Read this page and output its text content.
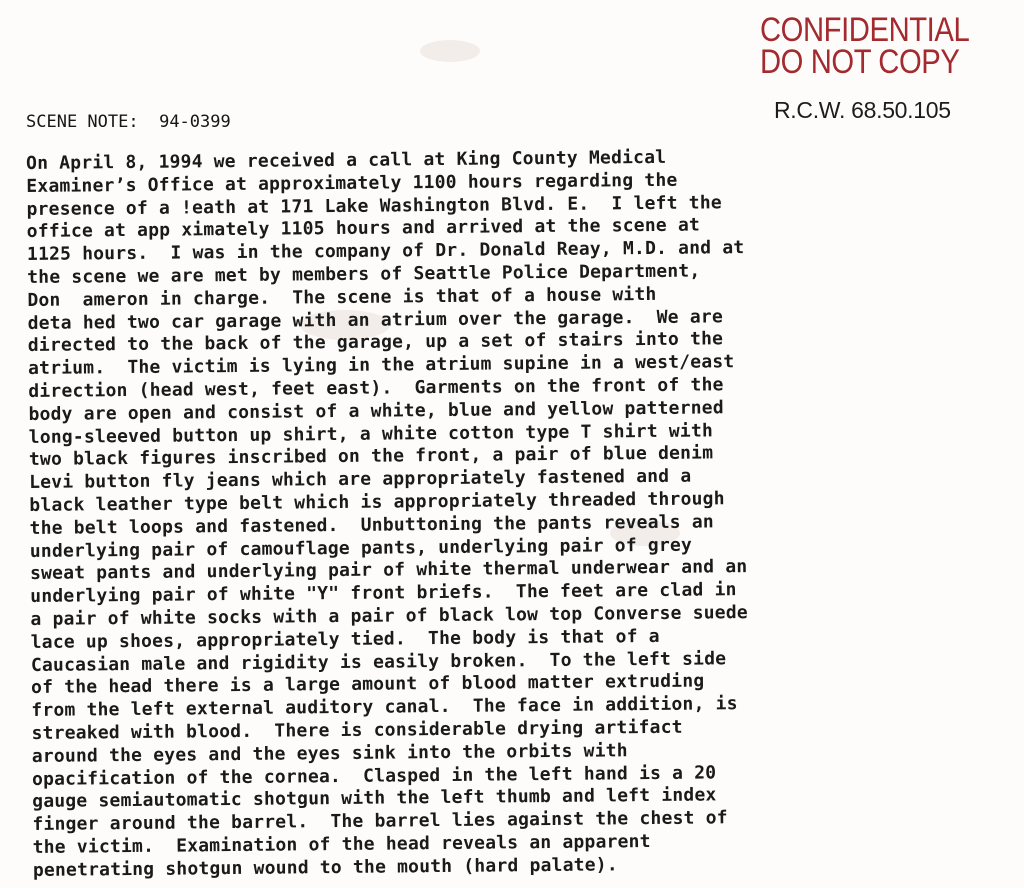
CONFIDENTIAL
DO NOT COPY
R.C.W. 68.50.105
SCENE NOTE: 94-0399
On April 8, 1994 we received a call at King County Medical
Examiner’s Office at approximately 1100 hours regarding the
presence of a !eath at 171 Lake Washington Blvd. E.  I left the
office at app ximately 1105 hours and arrived at the scene at
1125 hours.  I was in the company of Dr. Donald Reay, M.D. and at
the scene we are met by members of Seattle Police Department,
Don  ameron in charge.  The scene is that of a house with
deta hed two car garage with an atrium over the garage.  We are
directed to the back of the garage, up a set of stairs into the
atrium.  The victim is lying in the atrium supine in a west/east
direction (head west, feet east).  Garments on the front of the
body are open and consist of a white, blue and yellow patterned
long-sleeved button up shirt, a white cotton type T shirt with
two black figures inscribed on the front, a pair of blue denim
Levi button fly jeans which are appropriately fastened and a
black leather type belt which is appropriately threaded through
the belt loops and fastened.  Unbuttoning the pants reveals an
underlying pair of camouflage pants, underlying pair of grey
sweat pants and underlying pair of white thermal underwear and an
underlying pair of white "Y" front briefs.  The feet are clad in
a pair of white socks with a pair of black low top Converse suede
lace up shoes, appropriately tied.  The body is that of a
Caucasian male and rigidity is easily broken.  To the left side
of the head there is a large amount of blood matter extruding
from the left external auditory canal.  The face in addition, is
streaked with blood.  There is considerable drying artifact
around the eyes and the eyes sink into the orbits with
opacification of the cornea.  Clasped in the left hand is a 20
gauge semiautomatic shotgun with the left thumb and left index
finger around the barrel.  The barrel lies against the chest of
the victim.  Examination of the head reveals an apparent
penetrating shotgun wound to the mouth (hard palate).
